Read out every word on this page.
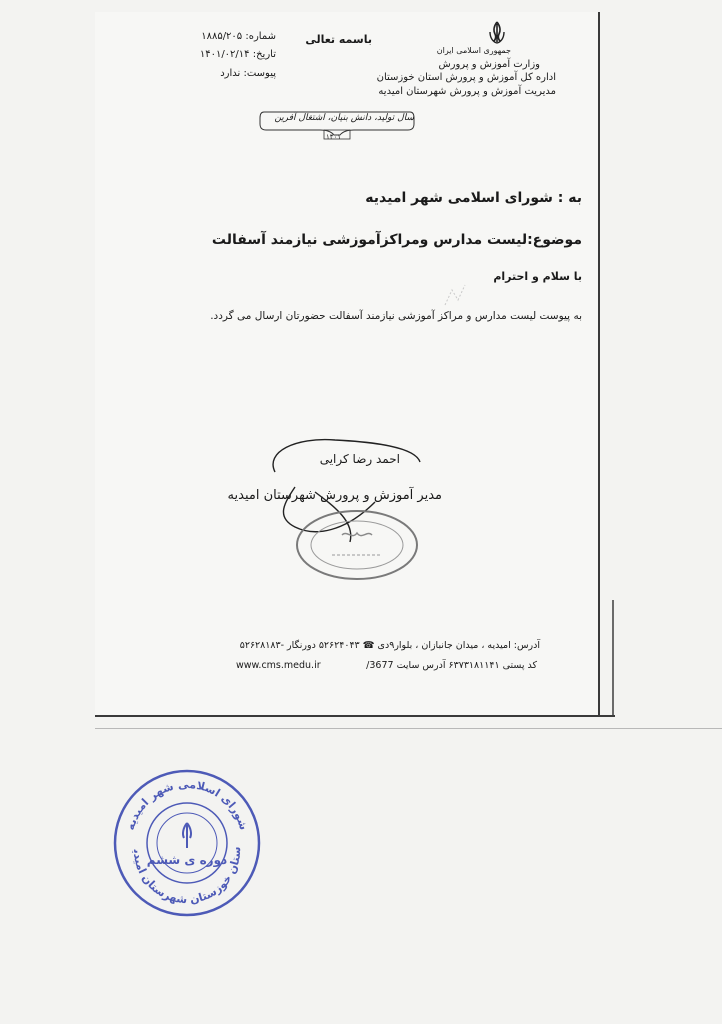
جمهوری اسلامی ایران
وزارت آموزش و پرورش
اداره کل آموزش و پرورش استان خوزستان
مدیریت آموزش و پرورش شهرستان امیدیه
باسمه تعالی
شماره: ۱۸۸۵/۲۰۵
تاریخ: ۱۴۰۱/۰۲/۱۴
پیوست: ندارد
سال تولید، دانش بنیان، اشتغال آفرین
۱۴۰۱
به : شورای اسلامی شهر امیدیه
موضوع:لیست مدارس ومراکزآموزشی نیازمند آسفالت
با سلام و احترام
به پیوست لیست مدارس و مراکز آموزشی نیازمند آسفالت حضورتان ارسال می گردد.
احمد رضا کرایی
مدیر آموزش و پرورش شهرستان امیدیه
آدرس: امیدیه ، میدان جانبازان ، بلوار۹دی ☎ ۵۲۶۲۴۰۴۳ دورنگار -۵۲۶۲۸۱۸۳
کد پستی ۶۳۷۳۱۸۱۱۴۱ آدرس سایت 3677/
www.cms.medu.ir
شورای اسلامی شهر امیدیه
استان خوزستان شهرستان امیدیه
دوره ی ششم
